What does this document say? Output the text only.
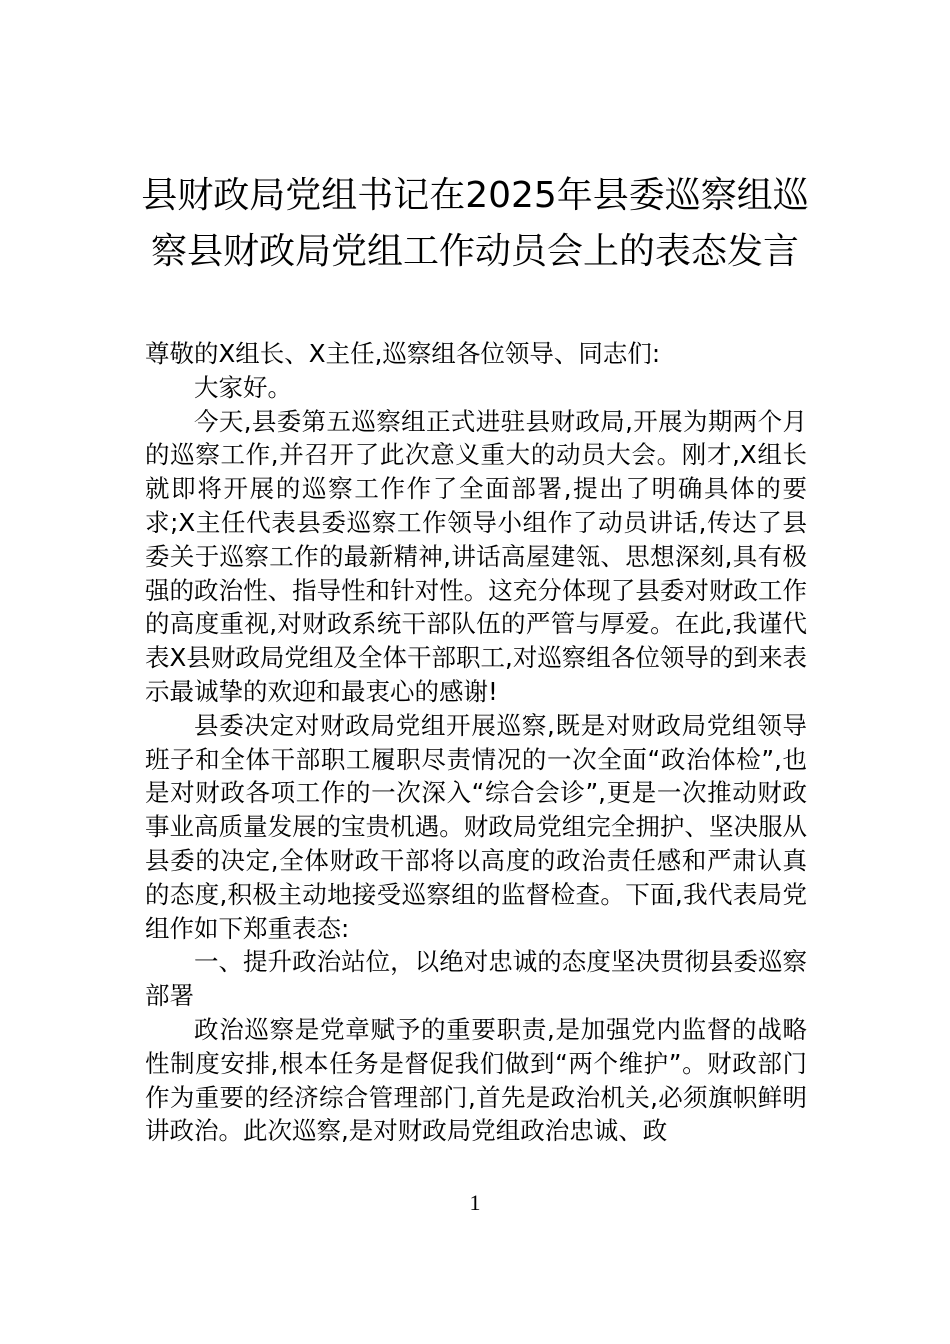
县财政局党组书记在2025年县委巡察组巡
察县财政局党组工作动员会上的表态发言

尊敬的X组长、X主任,巡察组各位领导、同志们:

大家好。

今天,县委第五巡察组正式进驻县财政局,开展为期两个月的巡察工作,并召开了此次意义重大的动员大会。刚才,X组长就即将开展的巡察工作作了全面部署,提出了明确具体的要求;X主任代表县委巡察工作领导小组作了动员讲话,传达了县委关于巡察工作的最新精神,讲话高屋建瓴、思想深刻,具有极强的政治性、指导性和针对性。这充分体现了县委对财政工作的高度重视,对财政系统干部队伍的严管与厚爱。在此,我谨代表X县财政局党组及全体干部职工,对巡察组各位领导的到来表示最诚挚的欢迎和最衷心的感谢!

县委决定对财政局党组开展巡察,既是对财政局党组领导班子和全体干部职工履职尽责情况的一次全面“政治体检”,也是对财政各项工作的一次深入“综合会诊”,更是一次推动财政事业高质量发展的宝贵机遇。财政局党组完全拥护、坚决服从县委的决定,全体财政干部将以高度的政治责任感和严肃认真的态度,积极主动地接受巡察组的监督检查。下面,我代表局党组作如下郑重表态:

一、提升政治站位，以绝对忠诚的态度坚决贯彻县委巡察部署

政治巡察是党章赋予的重要职责,是加强党内监督的战略性制度安排,根本任务是督促我们做到“两个维护”。财政部门作为重要的经济综合管理部门,首先是政治机关,必须旗帜鲜明讲政治。此次巡察,是对财政局党组政治忠诚、政

1
